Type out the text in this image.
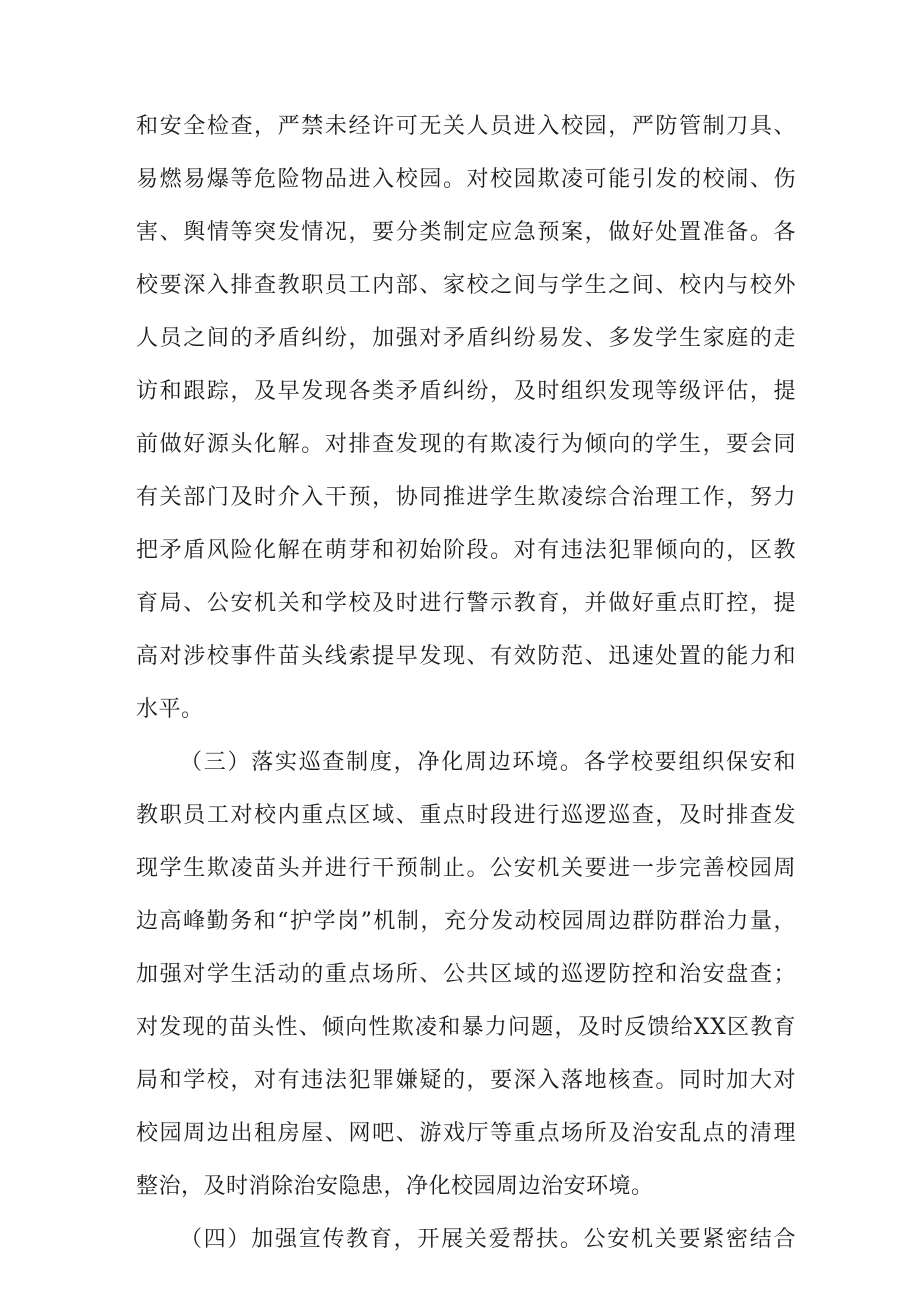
和安全检查，严禁未经许可无关人员进入校园，严防管制刀具、
易燃易爆等危险物品进入校园。对校园欺凌可能引发的校闹、伤
害、舆情等突发情况，要分类制定应急预案，做好处置准备。各
校要深入排查教职员工内部、家校之间与学生之间、校内与校外
人员之间的矛盾纠纷，加强对矛盾纠纷易发、多发学生家庭的走
访和跟踪，及早发现各类矛盾纠纷，及时组织发现等级评估，提
前做好源头化解。对排查发现的有欺凌行为倾向的学生，要会同
有关部门及时介入干预，协同推进学生欺凌综合治理工作，努力
把矛盾风险化解在萌芽和初始阶段。对有违法犯罪倾向的，区教
育局、公安机关和学校及时进行警示教育，并做好重点盯控，提
高对涉校事件苗头线索提早发现、有效防范、迅速处置的能力和
水平。
（三）落实巡查制度，净化周边环境。各学校要组织保安和
教职员工对校内重点区域、重点时段进行巡逻巡查，及时排查发
现学生欺凌苗头并进行干预制止。公安机关要进一步完善校园周
边高峰勤务和“护学岗”机制，充分发动校园周边群防群治力量，
加强对学生活动的重点场所、公共区域的巡逻防控和治安盘查；
对发现的苗头性、倾向性欺凌和暴力问题，及时反馈给XX区教育
局和学校，对有违法犯罪嫌疑的，要深入落地核查。同时加大对
校园周边出租房屋、网吧、游戏厅等重点场所及治安乱点的清理
整治，及时消除治安隐患，净化校园周边治安环境。
（四）加强宣传教育，开展关爱帮扶。公安机关要紧密结合
